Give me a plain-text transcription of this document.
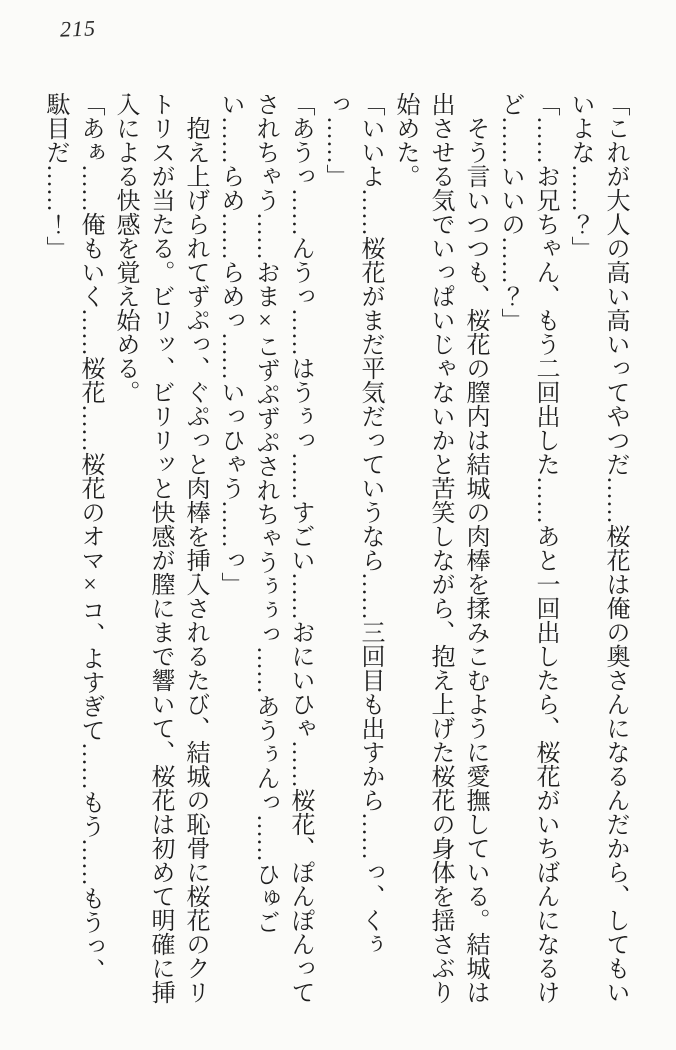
215

「これが大人の高い高いってやつだ……桜花は俺の奥さんになるんだから、してもいいよな……？」

「……お兄ちゃん、もう二回出した……あと一回出したら、桜花がいちばんになるけど……いいの……？」

そう言いつつも、桜花の膣内は結城の肉棒を揉みこむように愛撫している。結城は出させる気でいっぱいじゃないかと苦笑しながら、抱え上げた桜花の身体を揺さぶり始めた。

「いいよ……桜花がまだ平気だっていうなら……三回目も出すから……っ、くぅっ……」

「あうっ……んうっ……はうぅっ……すごい……おにいひゃ……桜花、ぽんぽんってされちゃう……おま×こずぷずぷされちゃうぅぅっ……あうぅんっ……ひゅごい……らめ……らめっ……いっひゃう……っ」

抱え上げられてずぷっ、ぐぷっと肉棒を挿入されるたび、結城の恥骨に桜花のクリトリスが当たる。ビリッ、ビリリッと快感が膣にまで響いて、桜花は初めて明確に挿入による快感を覚え始める。

「あぁ……俺もいく……桜花……桜花のオマ×コ、よすぎて……もう……もうっ、駄目だ……！」
